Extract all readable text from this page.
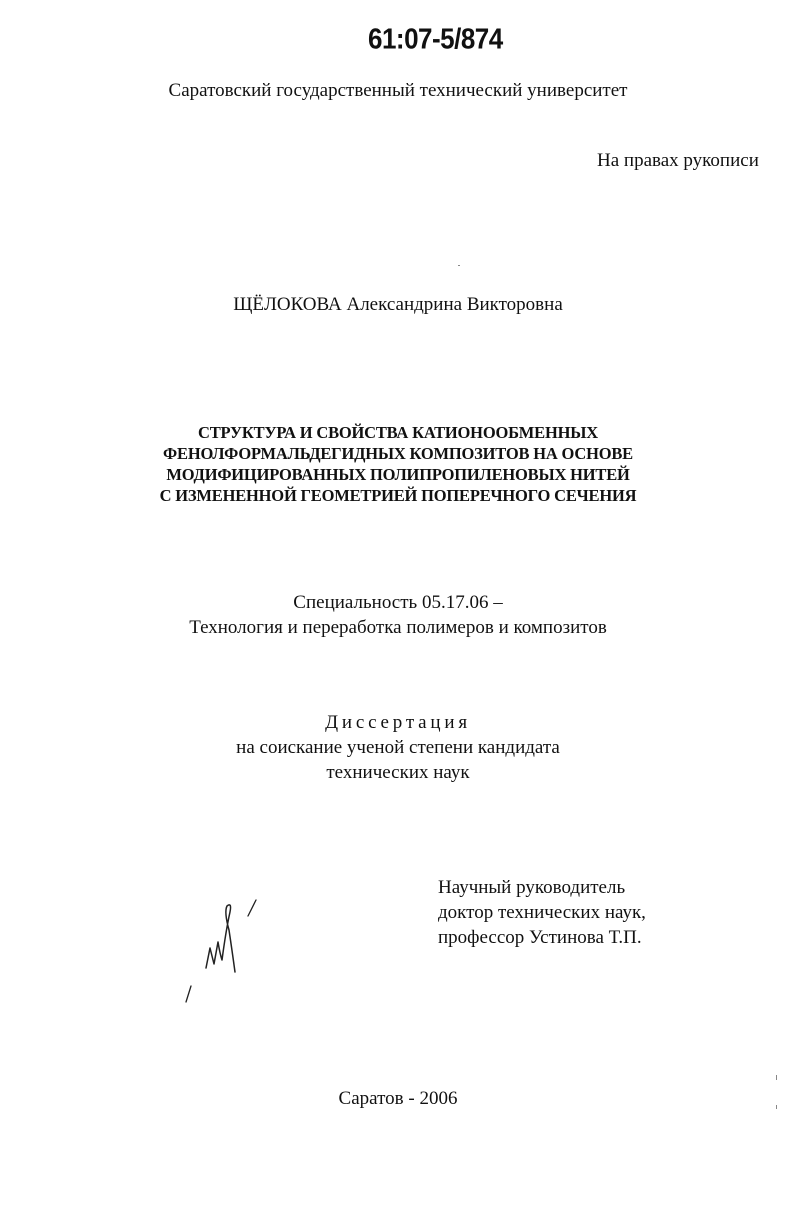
61:07-5/874
Саратовский государственный технический университет
На правах рукописи
ЩЁЛОКОВА Александрина Викторовна
СТРУКТУРА И СВОЙСТВА КАТИОНООБМЕННЫХ
ФЕНОЛФОРМАЛЬДЕГИДНЫХ КОМПОЗИТОВ НА ОСНОВЕ
МОДИФИЦИРОВАННЫХ ПОЛИПРОПИЛЕНОВЫХ НИТЕЙ
С ИЗМЕНЕННОЙ ГЕОМЕТРИЕЙ ПОПЕРЕЧНОГО СЕЧЕНИЯ
Специальность 05.17.06 –
Технология и переработка полимеров и композитов
Диссертация
на соискание ученой степени кандидата
технических наук
Научный руководитель
доктор технических наук,
профессор Устинова Т.П.
Саратов - 2006
